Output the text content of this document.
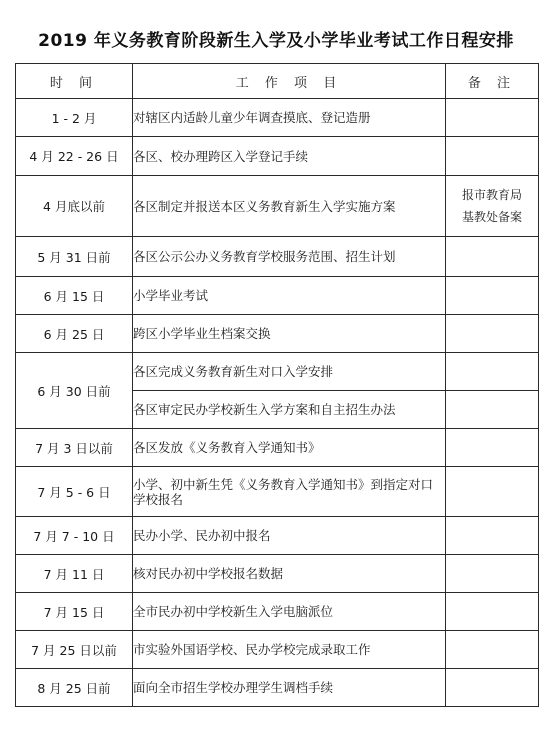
2019 年义务教育阶段新生入学及小学毕业考试工作日程安排
时 间	工 作 项 目	备 注
1 - 2 月	对辖区内适龄儿童少年调查摸底、登记造册	
4 月 22 - 26 日	各区、校办理跨区入学登记手续	
4 月底以前	各区制定并报送本区义务教育新生入学实施方案	报市教育局
基教处备案
5 月 31 日前	各区公示公办义务教育学校服务范围、招生计划	
6 月 15 日	小学毕业考试	
6 月 25 日	跨区小学毕业生档案交换	
6 月 30 日前	各区完成义务教育新生对口入学安排	
	各区审定民办学校新生入学方案和自主招生办法	
7 月 3 日以前	各区发放《义务教育入学通知书》	
7 月 5 - 6 日	小学、初中新生凭《义务教育入学通知书》到指定对口学校报名	
7 月 7 - 10 日	民办小学、民办初中报名	
7 月 11 日	核对民办初中学校报名数据	
7 月 15 日	全市民办初中学校新生入学电脑派位	
7 月 25 日以前	市实验外国语学校、民办学校完成录取工作	
8 月 25 日前	面向全市招生学校办理学生调档手续	
